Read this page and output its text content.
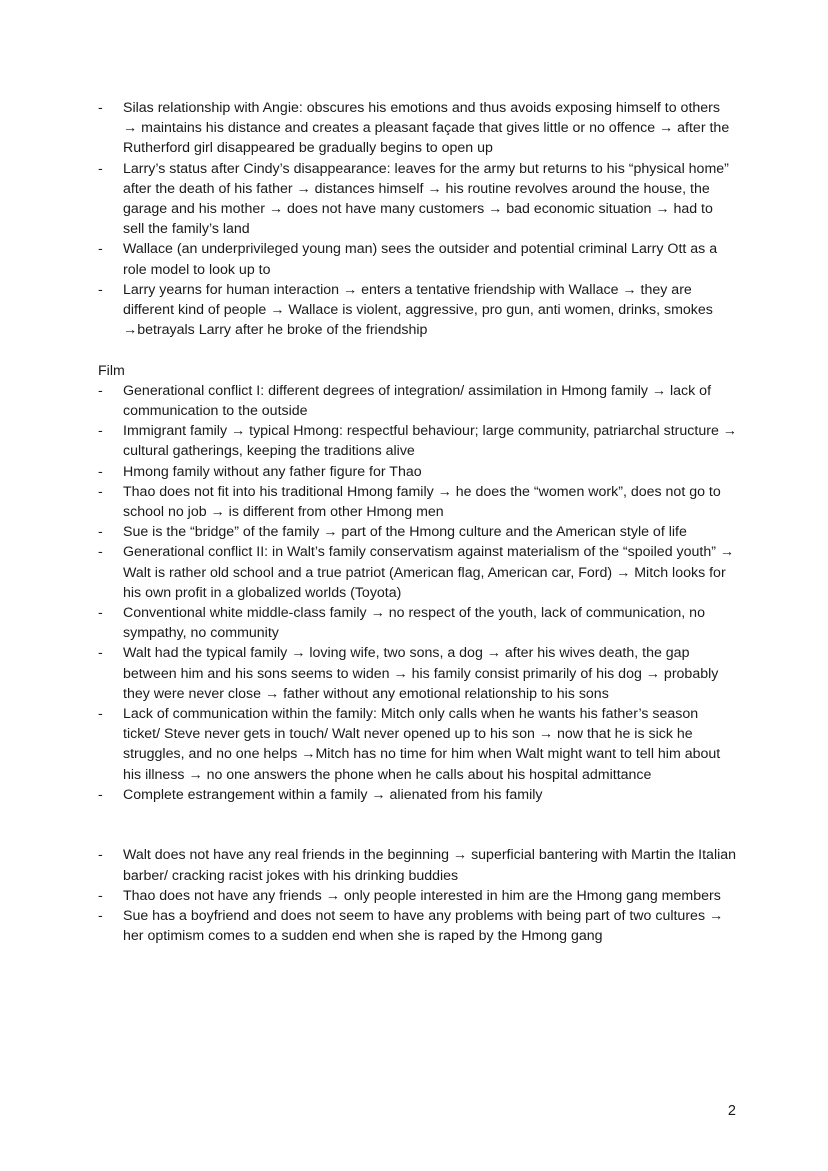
- Silas relationship with Angie: obscures his emotions and thus avoids exposing himself to others → maintains his distance and creates a pleasant façade that gives little or no offence → after the Rutherford girl disappeared be gradually begins to open up
- Larry’s status after Cindy’s disappearance: leaves for the army but returns to his “physical home” after the death of his father → distances himself → his routine revolves around the house, the garage and his mother → does not have many customers → bad economic situation → had to sell the family’s land
- Wallace (an underprivileged young man) sees the outsider and potential criminal Larry Ott as a role model to look up to
- Larry yearns for human interaction → enters a tentative friendship with Wallace → they are different kind of people → Wallace is violent, aggressive, pro gun, anti women, drinks, smokes →betrayals Larry after he broke of the friendship

Film

- Generational conflict I: different degrees of integration/ assimilation in Hmong family → lack of communication to the outside
- Immigrant family → typical Hmong: respectful behaviour; large community, patriarchal structure → cultural gatherings, keeping the traditions alive
- Hmong family without any father figure for Thao
- Thao does not fit into his traditional Hmong family → he does the “women work”, does not go to school no job → is different from other Hmong men
- Sue is the “bridge” of the family → part of the Hmong culture and the American style of life
- Generational conflict II: in Walt’s family conservatism against materialism of the “spoiled youth” → Walt is rather old school and a true patriot (American flag, American car, Ford) → Mitch looks for his own profit in a globalized worlds (Toyota)
- Conventional white middle-class family → no respect of the youth, lack of communication, no sympathy, no community
- Walt had the typical family → loving wife, two sons, a dog → after his wives death, the gap between him and his sons seems to widen → his family consist primarily of his dog → probably they were never close → father without any emotional relationship to his sons
- Lack of communication within the family: Mitch only calls when he wants his father’s season ticket/ Steve never gets in touch/ Walt never opened up to his son → now that he is sick he struggles, and no one helps →Mitch has no time for him when Walt might want to tell him about his illness → no one answers the phone when he calls about his hospital admittance
- Complete estrangement within a family → alienated from his family
- Walt does not have any real friends in the beginning → superficial bantering with Martin the Italian barber/ cracking racist jokes with his drinking buddies
- Thao does not have any friends → only people interested in him are the Hmong gang members
- Sue has a boyfriend and does not seem to have any problems with being part of two cultures → her optimism comes to a sudden end when she is raped by the Hmong gang
2
